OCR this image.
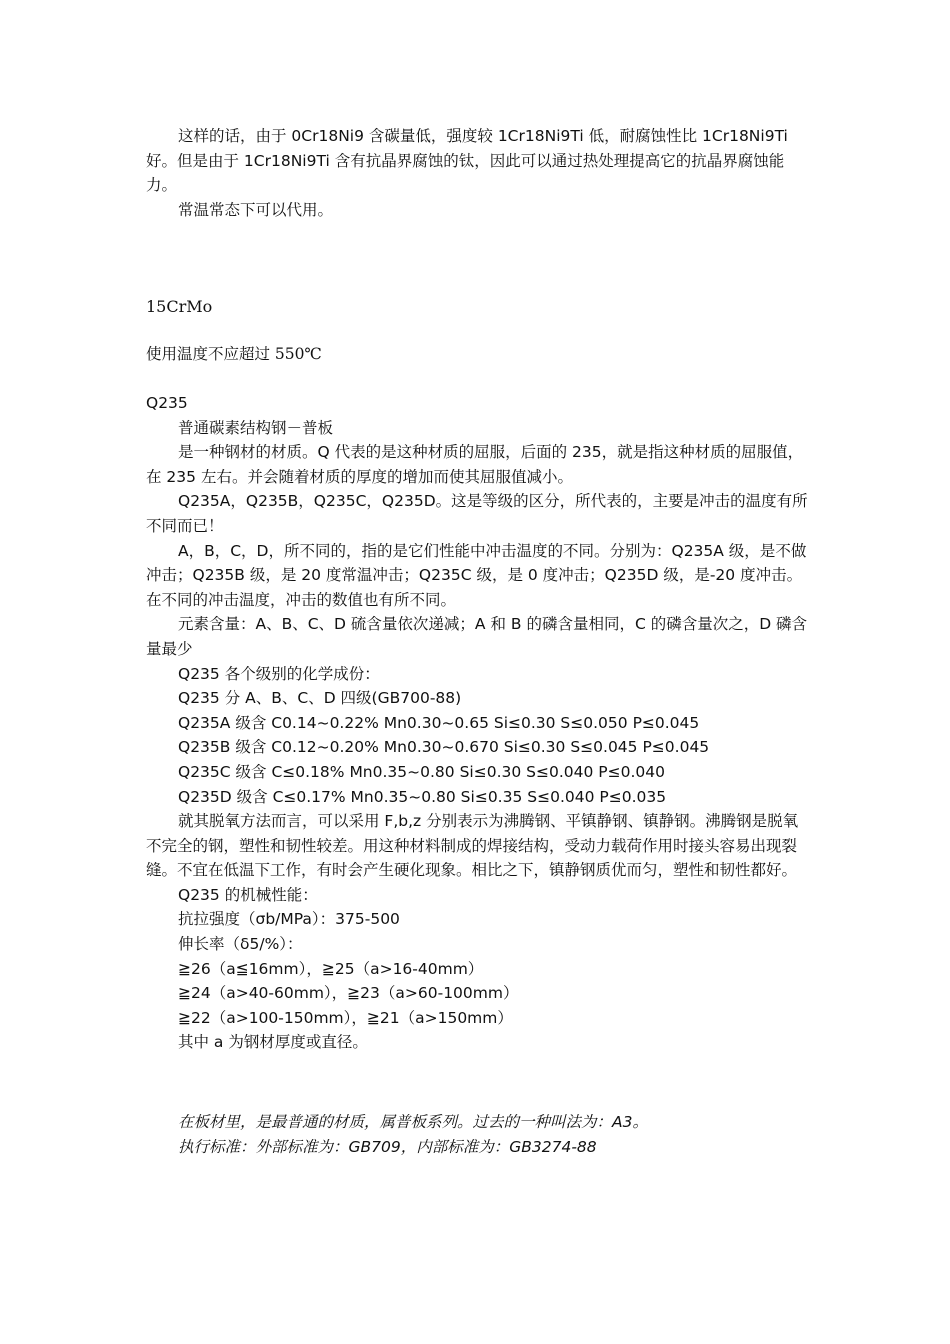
这样的话，由于 0Cr18Ni9 含碳量低，强度较 1Cr18Ni9Ti 低，耐腐蚀性比 1Cr18Ni9Ti 好。但是由于 1Cr18Ni9Ti 含有抗晶界腐蚀的钛，因此可以通过热处理提高它的抗晶界腐蚀能力。

常温常态下可以代用。

15CrMo

使用温度不应超过 550℃

Q235

普通碳素结构钢－普板

是一种钢材的材质。Q 代表的是这种材质的屈服，后面的 235，就是指这种材质的屈服值，在 235 左右。并会随着材质的厚度的增加而使其屈服值减小。

Q235A，Q235B，Q235C，Q235D。这是等级的区分，所代表的，主要是冲击的温度有所不同而已！

A，B，C，D，所不同的，指的是它们性能中冲击温度的不同。分别为：Q235A 级，是不做冲击；Q235B 级，是 20 度常温冲击；Q235C 级，是 0 度冲击；Q235D 级，是-20 度冲击。在不同的冲击温度，冲击的数值也有所不同。

元素含量：A、B、C、D 硫含量依次递减；A 和 B 的磷含量相同，C 的磷含量次之，D 磷含量最少

Q235 各个级别的化学成份：

Q235 分 A、B、C、D 四级(GB700-88)

Q235A 级含 C0.14~0.22% Mn0.30~0.65 Si≤0.30 S≤0.050 P≤0.045

Q235B 级含 C0.12~0.20% Mn0.30~0.670 Si≤0.30 S≤0.045 P≤0.045

Q235C 级含 C≤0.18% Mn0.35~0.80 Si≤0.30 S≤0.040 P≤0.040

Q235D 级含 C≤0.17% Mn0.35~0.80 Si≤0.35 S≤0.040 P≤0.035

就其脱氧方法而言，可以采用 F,b,z 分别表示为沸腾钢、平镇静钢、镇静钢。沸腾钢是脱氧不完全的钢，塑性和韧性较差。用这种材料制成的焊接结构，受动力载荷作用时接头容易出现裂缝。不宜在低温下工作，有时会产生硬化现象。相比之下，镇静钢质优而匀，塑性和韧性都好。

Q235 的机械性能：

抗拉强度（σb/MPa）：375-500

伸长率（δ5/%）：

≧26（a≦16mm），≧25（a>16-40mm）

≧24（a>40-60mm），≧23（a>60-100mm）

≧22（a>100-150mm），≧21（a>150mm）

其中 a 为钢材厚度或直径。

在板材里，是最普通的材质，属普板系列。过去的一种叫法为：A3。

执行标准：外部标准为：GB709，内部标准为：GB3274-88
